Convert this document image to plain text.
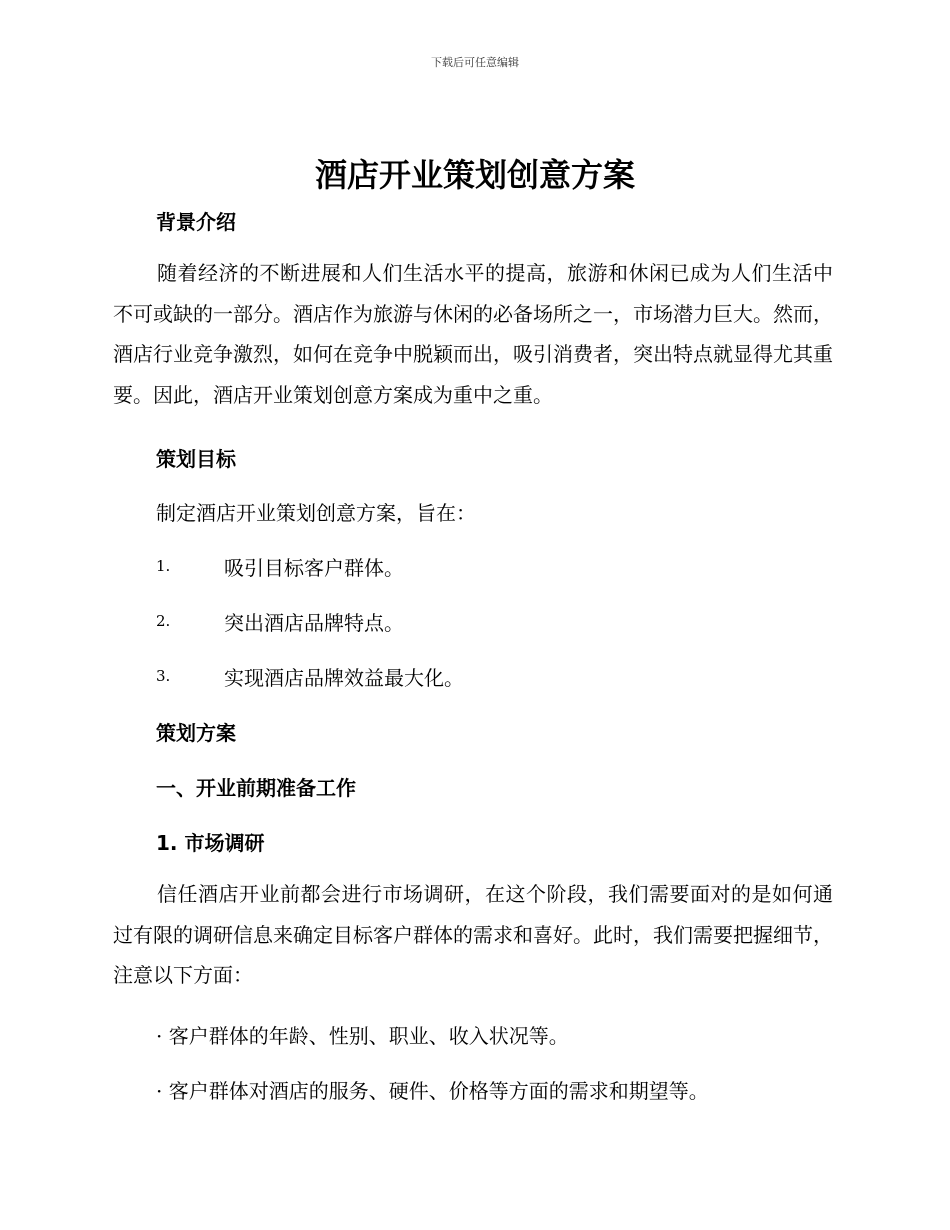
下载后可任意编辑
酒店开业策划创意方案
背景介绍

随着经济的不断进展和人们生活水平的提高，旅游和休闲已成为人们生活中不可或缺的一部分。酒店作为旅游与休闲的必备场所之一，市场潜力巨大。然而，酒店行业竞争激烈，如何在竞争中脱颖而出，吸引消费者，突出特点就显得尤其重要。因此，酒店开业策划创意方案成为重中之重。

策划目标

制定酒店开业策划创意方案，旨在：

1.	吸引目标客户群体。
2.	突出酒店品牌特点。
3.	实现酒店品牌效益最大化。
策划方案
一、开业前期准备工作
1. 市场调研

信任酒店开业前都会进行市场调研，在这个阶段，我们需要面对的是如何通过有限的调研信息来确定目标客户群体的需求和喜好。此时，我们需要把握细节，注意以下方面：

· 客户群体的年龄、性别、职业、收入状况等。
· 客户群体对酒店的服务、硬件、价格等方面的需求和期望等。
